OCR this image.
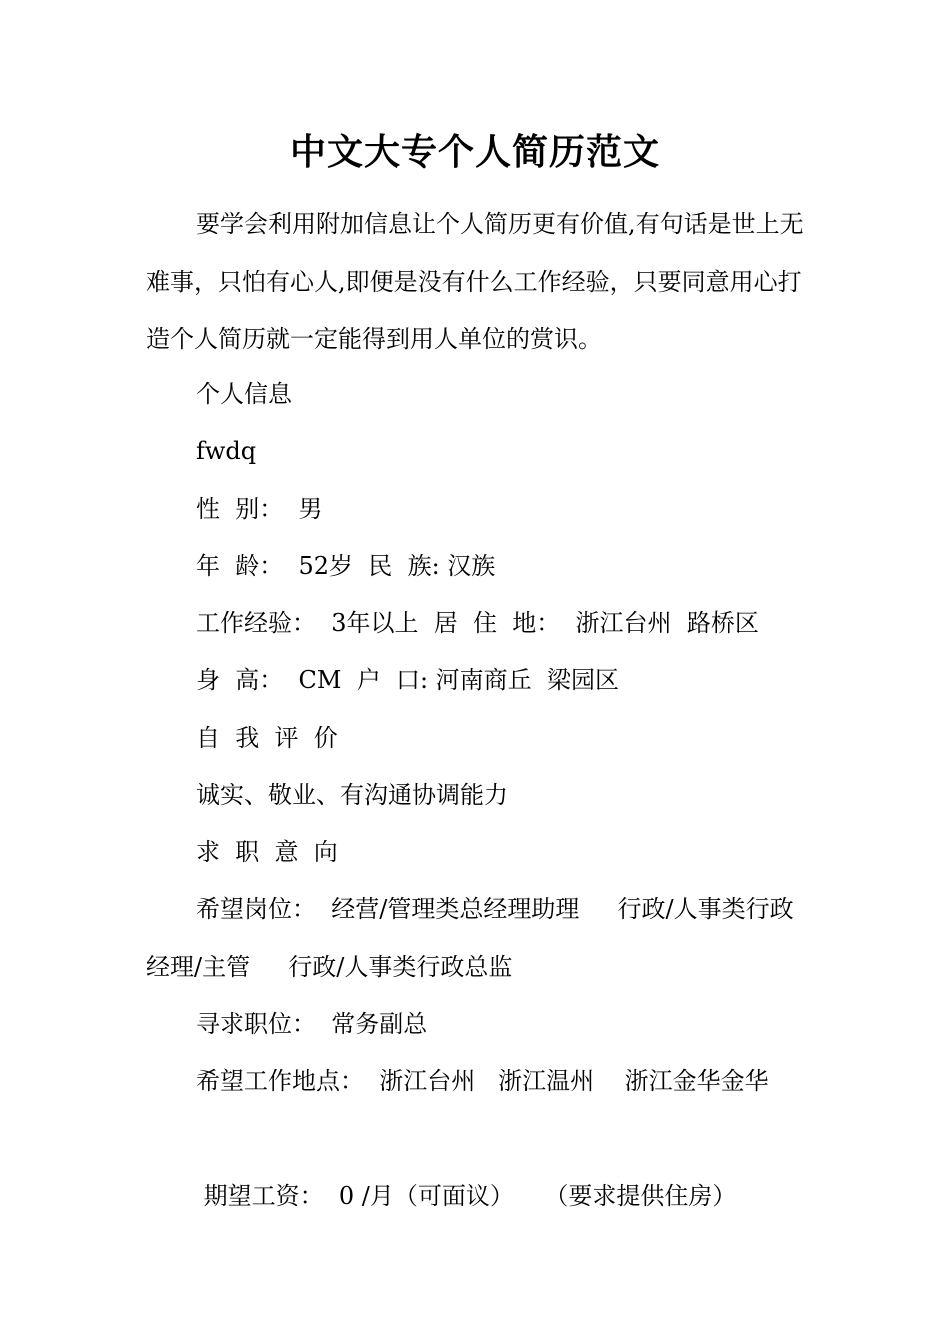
中文大专个人简历范文

要学会利用附加信息让个人简历更有价值,有句话是世上无难事，只怕有心人,即便是没有什么工作经验，只要同意用心打造个人简历就一定能得到用人单位的赏识。

个人信息

fwdq

性  别：  男

年  龄：  52岁  民  族: 汉族

工作经验：  3年以上  居  住  地：  浙江台州  路桥区

身  高：  CM  户  口: 河南商丘  梁园区

自  我  评  价

诚实、敬业、有沟通协调能力

求  职  意  向

希望岗位：  经营/管理类总经理助理     行政/人事类行政经理/主管     行政/人事类行政总监

寻求职位：  常务副总

希望工作地点：  浙江台州   浙江温州    浙江金华金华

期望工资：  0 /月（可面议）    （要求提供住房）
